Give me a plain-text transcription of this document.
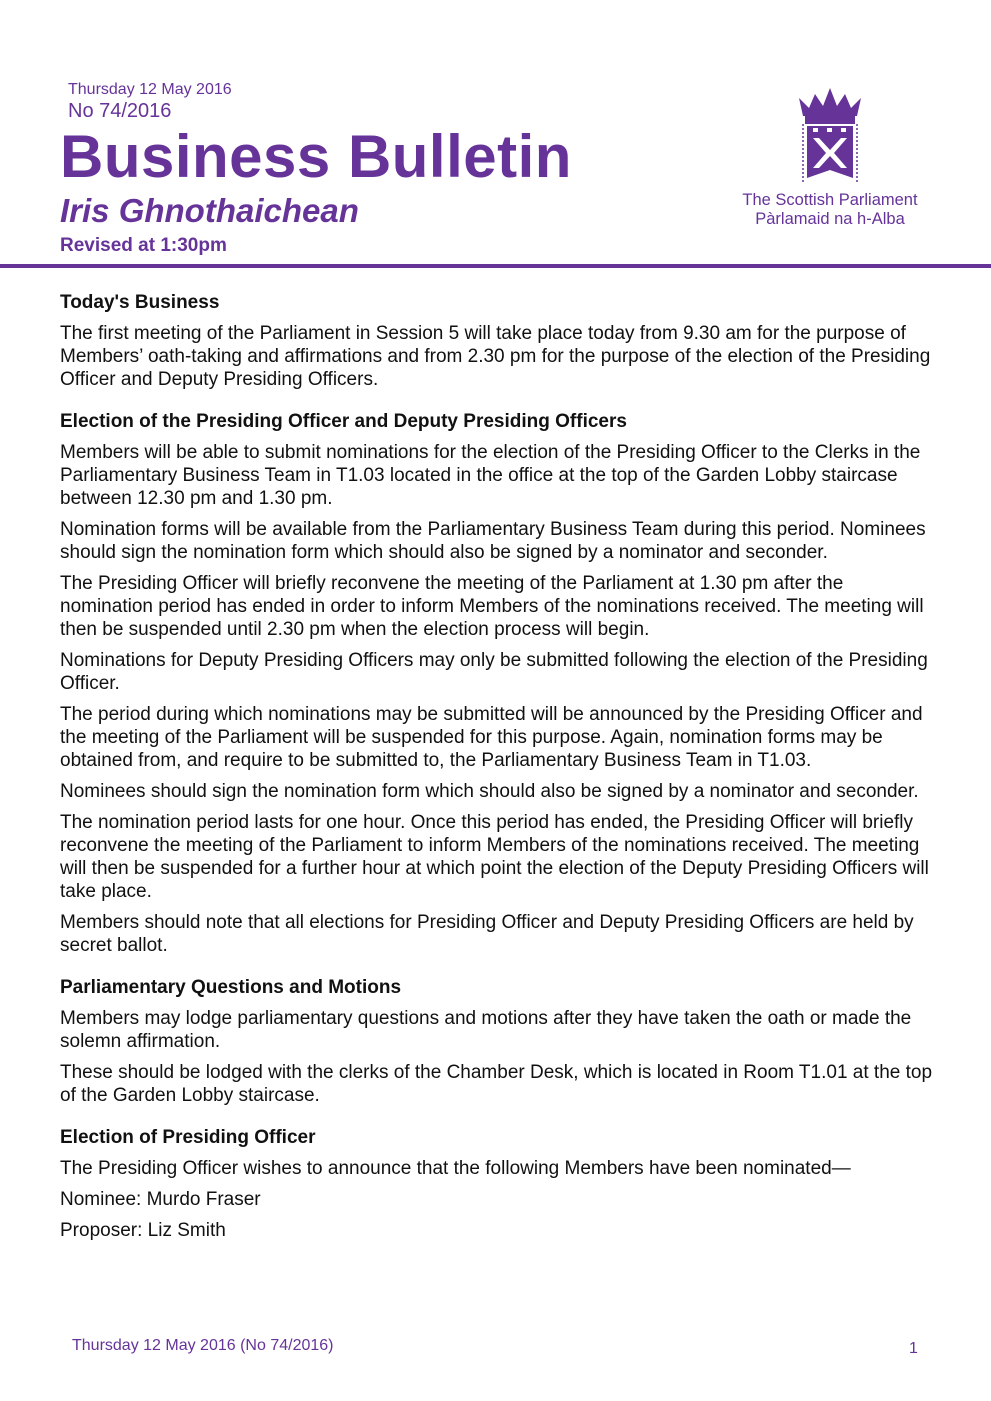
Thursday 12 May 2016
No 74/2016
Business Bulletin
Iris Ghnothaichean
Revised at 1:30pm
The Scottish Parliament
Pàrlamaid na h-Alba
Today's Business

The first meeting of the Parliament in Session 5 will take place today from 9.30 am for the purpose of Members’ oath-taking and affirmations and from 2.30 pm for the purpose of the election of the Presiding Officer and Deputy Presiding Officers.

Election of the Presiding Officer and Deputy Presiding Officers

Members will be able to submit nominations for the election of the Presiding Officer to the Clerks in the Parliamentary Business Team in T1.03 located in the office at the top of the Garden Lobby staircase between 12.30 pm and 1.30 pm.

Nomination forms will be available from the Parliamentary Business Team during this period. Nominees should sign the nomination form which should also be signed by a nominator and seconder.

The Presiding Officer will briefly reconvene the meeting of the Parliament at 1.30 pm after the nomination period has ended in order to inform Members of the nominations received. The meeting will then be suspended until 2.30 pm when the election process will begin.

Nominations for Deputy Presiding Officers may only be submitted following the election of the Presiding Officer.

The period during which nominations may be submitted will be announced by the Presiding Officer and the meeting of the Parliament will be suspended for this purpose. Again, nomination forms may be obtained from, and require to be submitted to, the Parliamentary Business Team in T1.03.

Nominees should sign the nomination form which should also be signed by a nominator and seconder.

The nomination period lasts for one hour. Once this period has ended, the Presiding Officer will briefly reconvene the meeting of the Parliament to inform Members of the nominations received. The meeting will then be suspended for a further hour at which point the election of the Deputy Presiding Officers will take place.

Members should note that all elections for Presiding Officer and Deputy Presiding Officers are held by secret ballot.

Parliamentary Questions and Motions

Members may lodge parliamentary questions and motions after they have taken the oath or made the solemn affirmation.

These should be lodged with the clerks of the Chamber Desk, which is located in Room T1.01 at the top of the Garden Lobby staircase.

Election of Presiding Officer

The Presiding Officer wishes to announce that the following Members have been nominated—

Nominee: Murdo Fraser

Proposer: Liz Smith

Thursday 12 May 2016 (No 74/2016)	1
